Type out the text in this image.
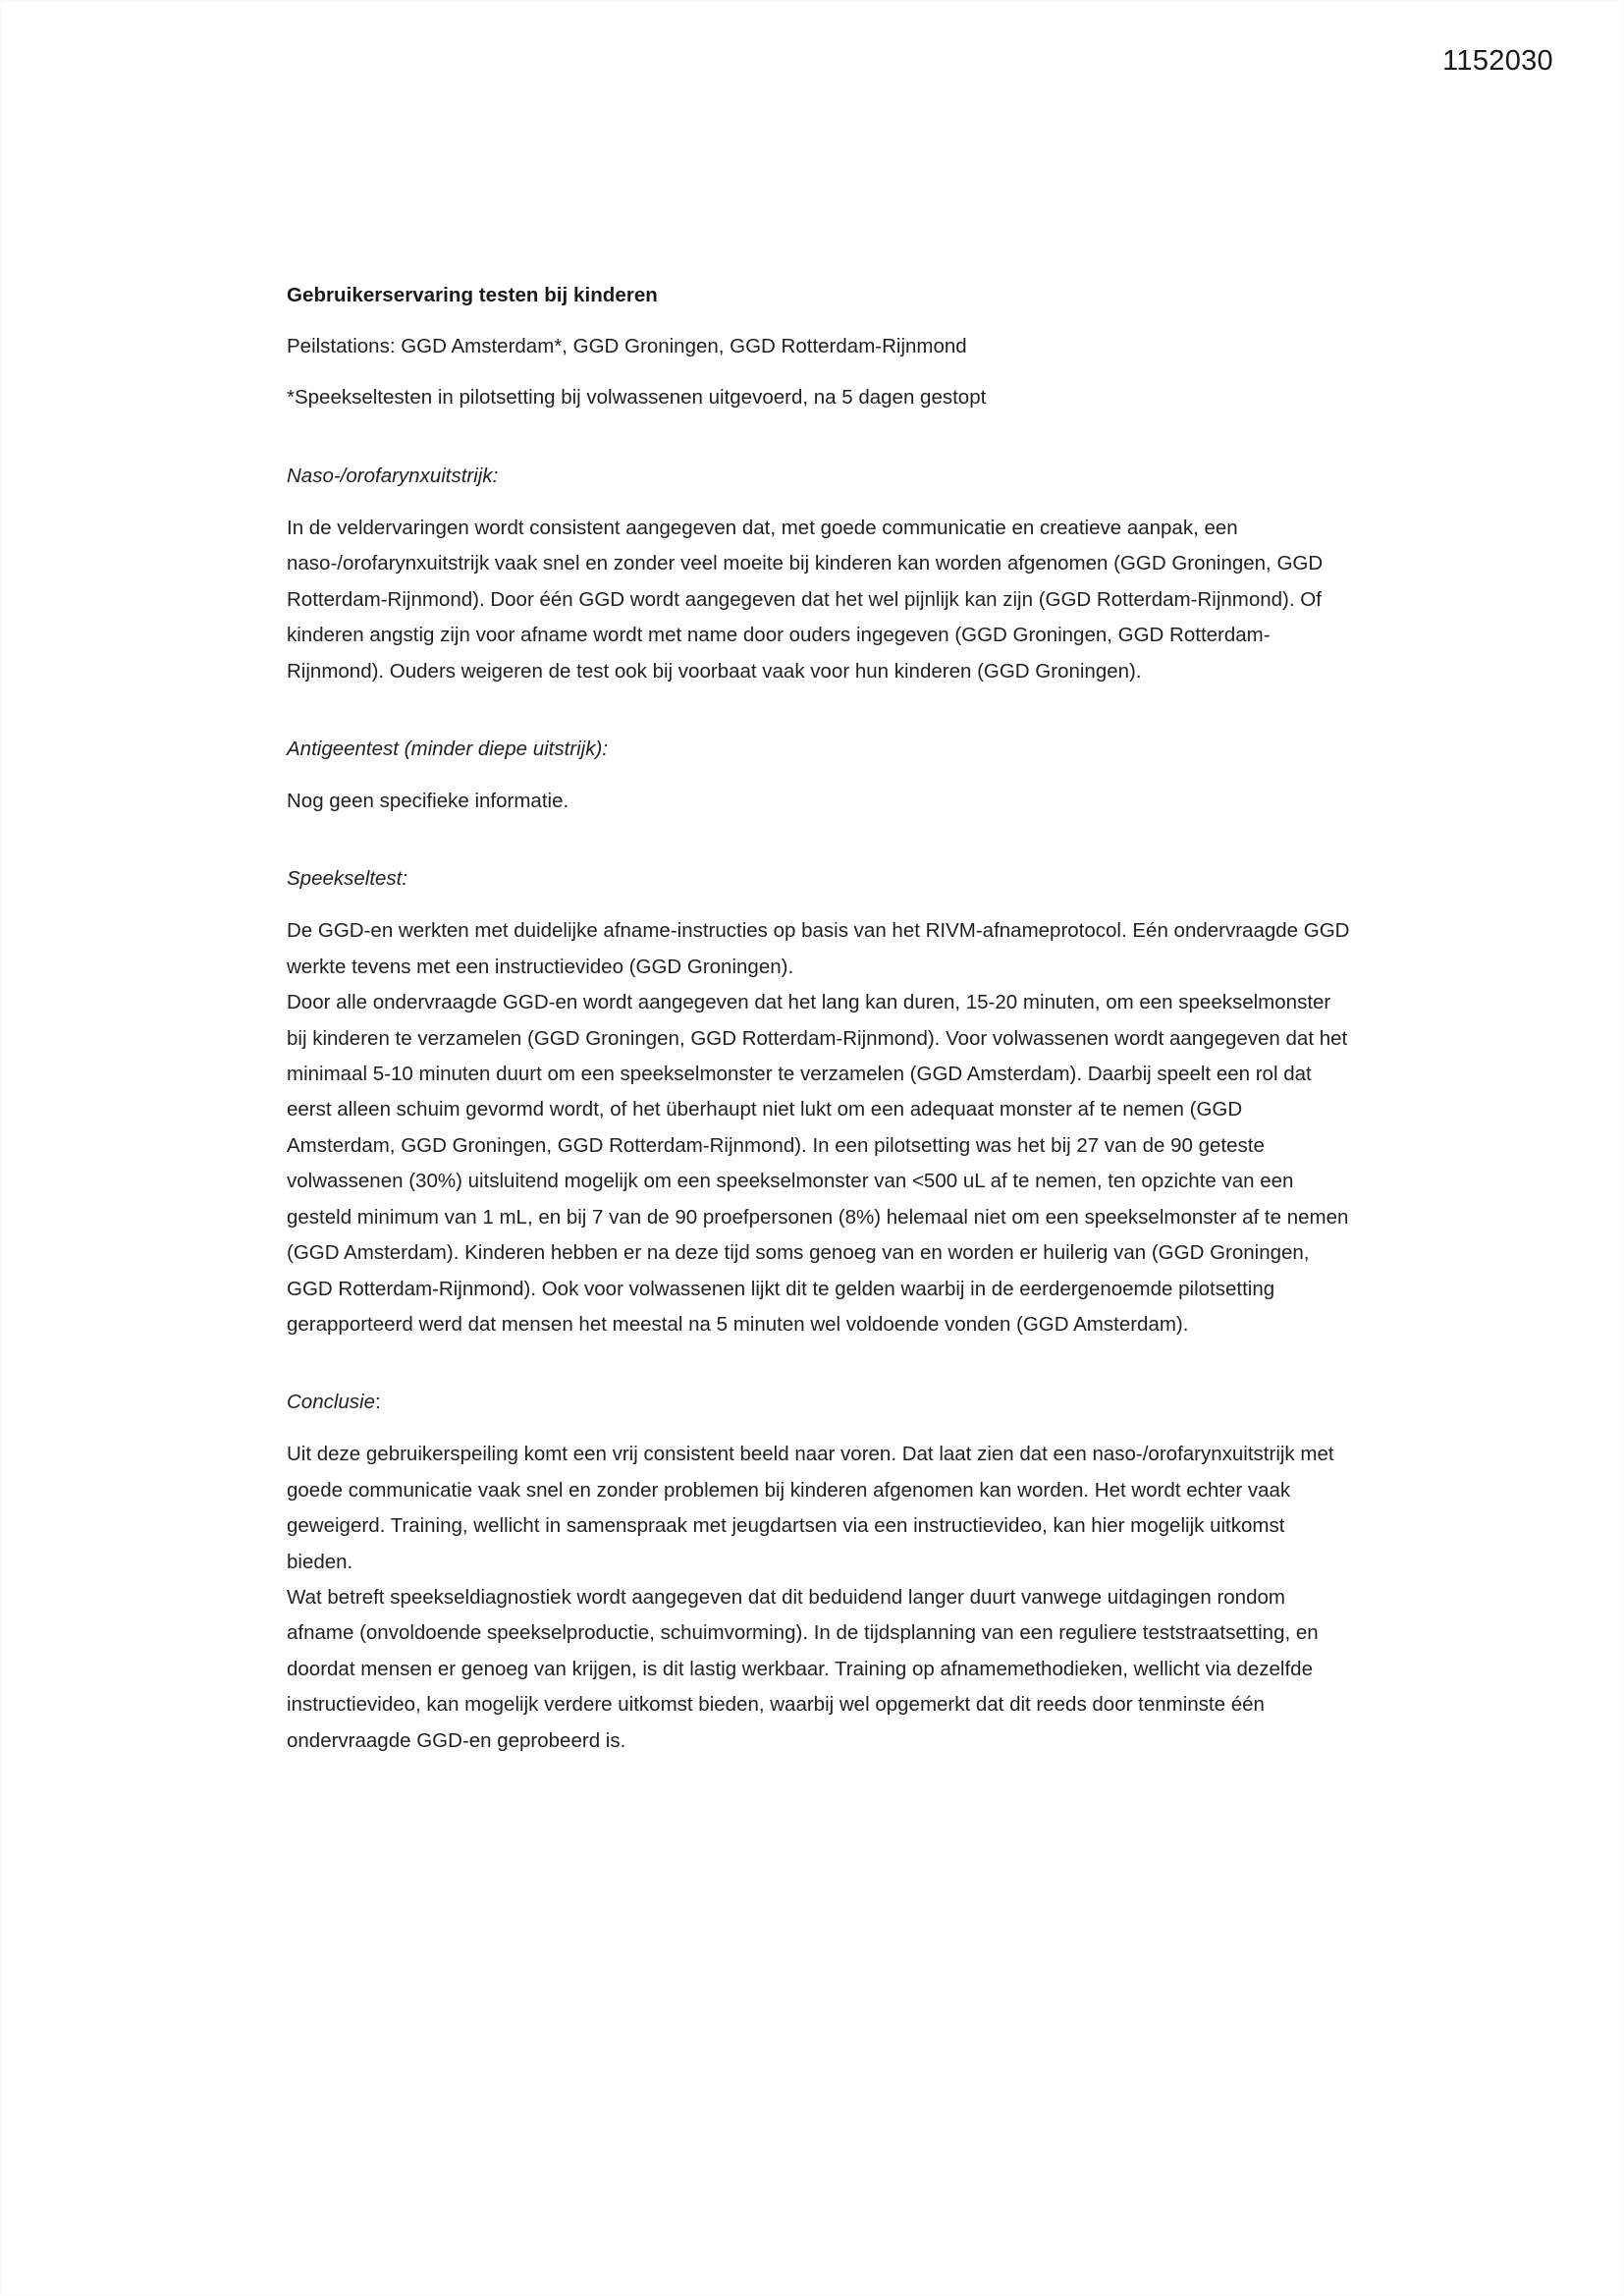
1152030
Gebruikerservaring testen bij kinderen

Peilstations: GGD Amsterdam*, GGD Groningen, GGD Rotterdam-Rijnmond

*Speekseltesten in pilotsetting bij volwassenen uitgevoerd, na 5 dagen gestopt

Naso-/orofarynxuitstrijk:

In de veldervaringen wordt consistent aangegeven dat, met goede communicatie en creatieve aanpak, een naso-/orofarynxuitstrijk vaak snel en zonder veel moeite bij kinderen kan worden afgenomen (GGD Groningen, GGD Rotterdam-Rijnmond). Door één GGD wordt aangegeven dat het wel pijnlijk kan zijn (GGD Rotterdam-Rijnmond). Of kinderen angstig zijn voor afname wordt met name door ouders ingegeven (GGD Groningen, GGD Rotterdam-Rijnmond). Ouders weigeren de test ook bij voorbaat vaak voor hun kinderen (GGD Groningen).

Antigeentest (minder diepe uitstrijk):

Nog geen specifieke informatie.

Speekseltest:

De GGD-en werkten met duidelijke afname-instructies op basis van het RIVM-afnameprotocol. Eén ondervraagde GGD werkte tevens met een instructievideo (GGD Groningen).

Door alle ondervraagde GGD-en wordt aangegeven dat het lang kan duren, 15-20 minuten, om een speekselmonster bij kinderen te verzamelen (GGD Groningen, GGD Rotterdam-Rijnmond). Voor volwassenen wordt aangegeven dat het minimaal 5-10 minuten duurt om een speekselmonster te verzamelen (GGD Amsterdam). Daarbij speelt een rol dat eerst alleen schuim gevormd wordt, of het überhaupt niet lukt om een adequaat monster af te nemen (GGD Amsterdam, GGD Groningen, GGD Rotterdam-Rijnmond). In een pilotsetting was het bij 27 van de 90 geteste volwassenen (30%) uitsluitend mogelijk om een speekselmonster van <500 uL af te nemen, ten opzichte van een gesteld minimum van 1 mL, en bij 7 van de 90 proefpersonen (8%) helemaal niet om een speekselmonster af te nemen (GGD Amsterdam). Kinderen hebben er na deze tijd soms genoeg van en worden er huilerig van (GGD Groningen, GGD Rotterdam-Rijnmond). Ook voor volwassenen lijkt dit te gelden waarbij in de eerdergenoemde pilotsetting gerapporteerd werd dat mensen het meestal na 5 minuten wel voldoende vonden (GGD Amsterdam).

Conclusie:

Uit deze gebruikerspeiling komt een vrij consistent beeld naar voren. Dat laat zien dat een naso-/orofarynxuitstrijk met goede communicatie vaak snel en zonder problemen bij kinderen afgenomen kan worden. Het wordt echter vaak geweigerd. Training, wellicht in samenspraak met jeugdartsen via een instructievideo, kan hier mogelijk uitkomst bieden.

Wat betreft speekseldiagnostiek wordt aangegeven dat dit beduidend langer duurt vanwege uitdagingen rondom afname (onvoldoende speekselproductie, schuimvorming). In de tijdsplanning van een reguliere teststraatsetting, en doordat mensen er genoeg van krijgen, is dit lastig werkbaar. Training op afnamemethodieken, wellicht via dezelfde instructievideo, kan mogelijk verdere uitkomst bieden, waarbij wel opgemerkt dat dit reeds door tenminste één ondervraagde GGD-en geprobeerd is.
